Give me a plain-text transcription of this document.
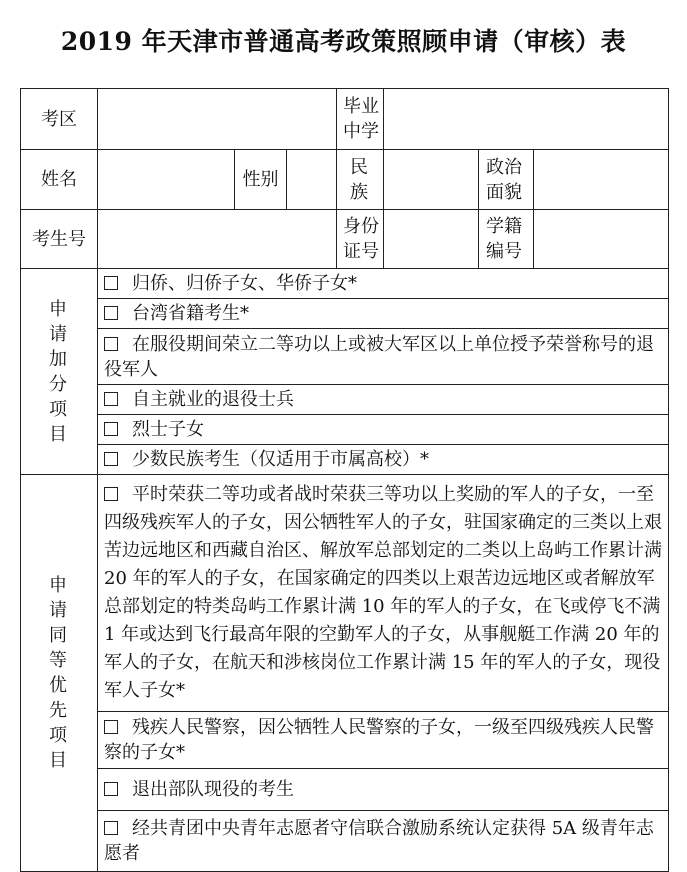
2019 年天津市普通高考政策照顾申请（审核）表
考区				毕业中学			
姓名		性别		民族		政治面貌	
考生号				身份证号		学籍编号	
申请加分项目	归侨、归侨子女、华侨子女*						
	台湾省籍考生*						
	在服役期间荣立二等功以上或被大军区以上单位授予荣誉称号的退役军人						
	自主就业的退役士兵						
	烈士子女						
	少数民族考生（仅适用于市属高校）*						
申请同等优先项目	平时荣获二等功或者战时荣获三等功以上奖励的军人的子女，一至四级残疾军人的子女，因公牺牲军人的子女，驻国家确定的三类以上艰苦边远地区和西藏自治区、解放军总部划定的二类以上岛屿工作累计满 20 年的军人的子女，在国家确定的四类以上艰苦边远地区或者解放军总部划定的特类岛屿工作累计满 10 年的军人的子女，在飞或停飞不满 1 年或达到飞行最高年限的空勤军人的子女，从事舰艇工作满 20 年的军人的子女，在航天和涉核岗位工作累计满 15 年的军人的子女，现役军人子女*						
	残疾人民警察，因公牺牲人民警察的子女，一级至四级残疾人民警察的子女*						
	退出部队现役的考生						
	经共青团中央青年志愿者守信联合激励系统认定获得 5A 级青年志愿者						
